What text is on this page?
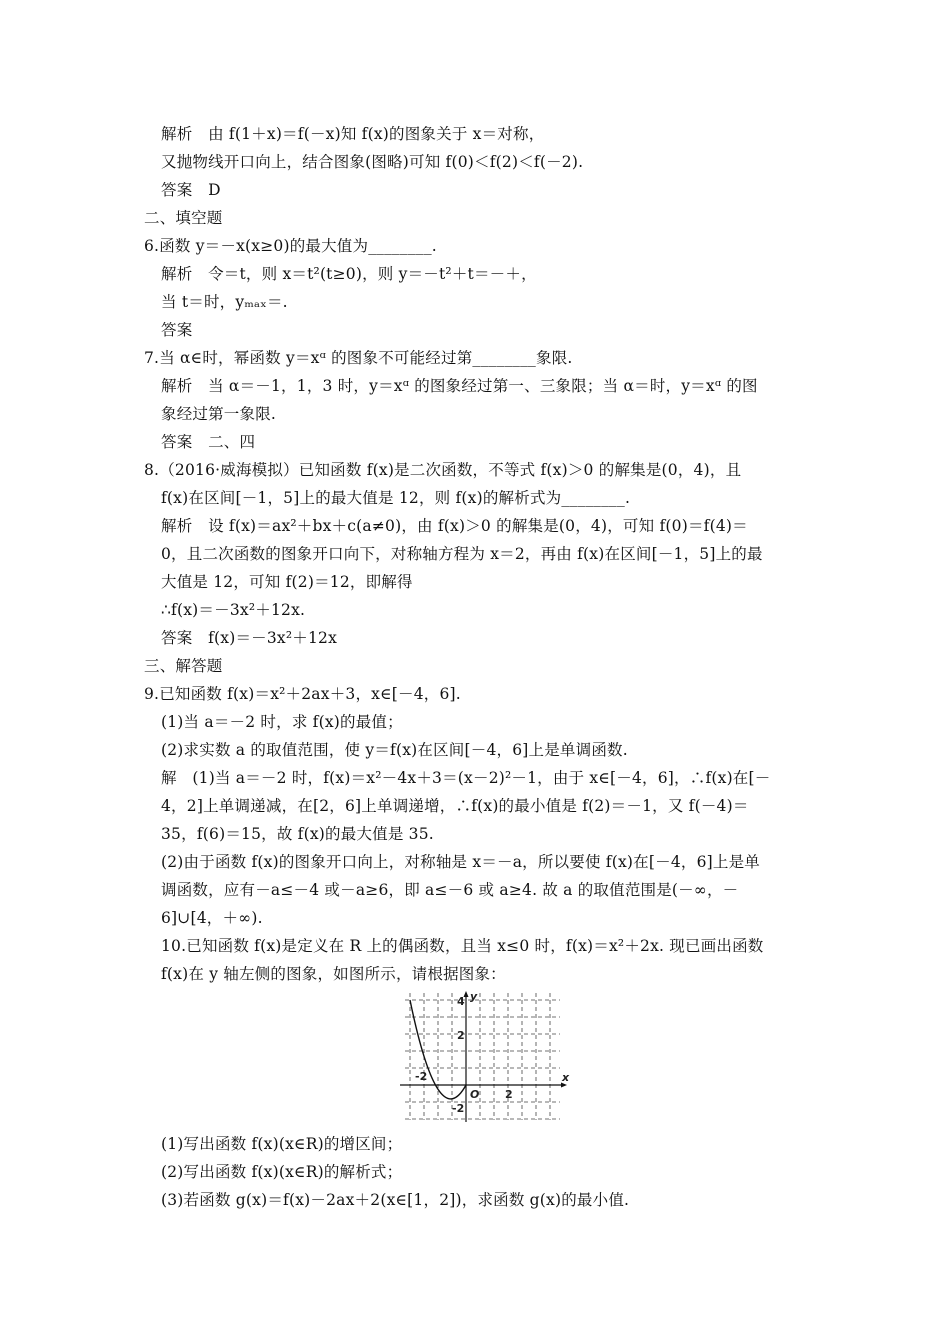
解析　由 f(1＋x)＝f(－x)知 f(x)的图象关于 x＝对称，
又抛物线开口向上，结合图象(图略)可知 f(0)＜f(2)＜f(－2).
答案　D
二、填空题
6.函数 y＝－x(x≥0)的最大值为________.
解析　令＝t，则 x＝t²(t≥0)，则 y＝－t²＋t＝－＋，
当 t＝时，yₘₐₓ＝.
答案
7.当 α∈时，幂函数 y＝xᵅ 的图象不可能经过第________象限.
解析　当 α＝－1，1，3 时，y＝xᵅ 的图象经过第一、三象限；当 α＝时，y＝xᵅ 的图
象经过第一象限.
答案　二、四
8.（2016·威海模拟）已知函数 f(x)是二次函数，不等式 f(x)＞0 的解集是(0，4)，且
f(x)在区间[－1，5]上的最大值是 12，则 f(x)的解析式为________.
解析　设 f(x)＝ax²＋bx＋c(a≠0)，由 f(x)＞0 的解集是(0，4)，可知 f(0)＝f(4)＝
0，且二次函数的图象开口向下，对称轴方程为 x＝2，再由 f(x)在区间[－1，5]上的最
大值是 12，可知 f(2)＝12，即解得
∴f(x)＝－3x²＋12x.
答案　f(x)＝－3x²＋12x
三、解答题
9.已知函数 f(x)＝x²＋2ax＋3，x∈[－4，6].
(1)当 a＝－2 时，求 f(x)的最值；
(2)求实数 a 的取值范围，使 y＝f(x)在区间[－4，6]上是单调函数.
解　(1)当 a＝－2 时，f(x)＝x²－4x＋3＝(x－2)²－1，由于 x∈[－4，6]，∴f(x)在[－
4，2]上单调递减，在[2，6]上单调递增，∴f(x)的最小值是 f(2)＝－1，又 f(－4)＝
35，f(6)＝15，故 f(x)的最大值是 35.
(2)由于函数 f(x)的图象开口向上，对称轴是 x＝－a，所以要使 f(x)在[－4，6]上是单
调函数，应有－a≤－4 或－a≥6，即 a≤－6 或 a≥4. 故 a 的取值范围是(－∞，－
6]∪[4，＋∞).
10.已知函数 f(x)是定义在 R 上的偶函数，且当 x≤0 时，f(x)＝x²＋2x. 现已画出函数
f(x)在 y 轴左侧的图象，如图所示，请根据图象：
4
2
-2
O 2
-2
y
x
(1)写出函数 f(x)(x∈R)的增区间；
(2)写出函数 f(x)(x∈R)的解析式；
(3)若函数 g(x)＝f(x)－2ax＋2(x∈[1，2])，求函数 g(x)的最小值.
